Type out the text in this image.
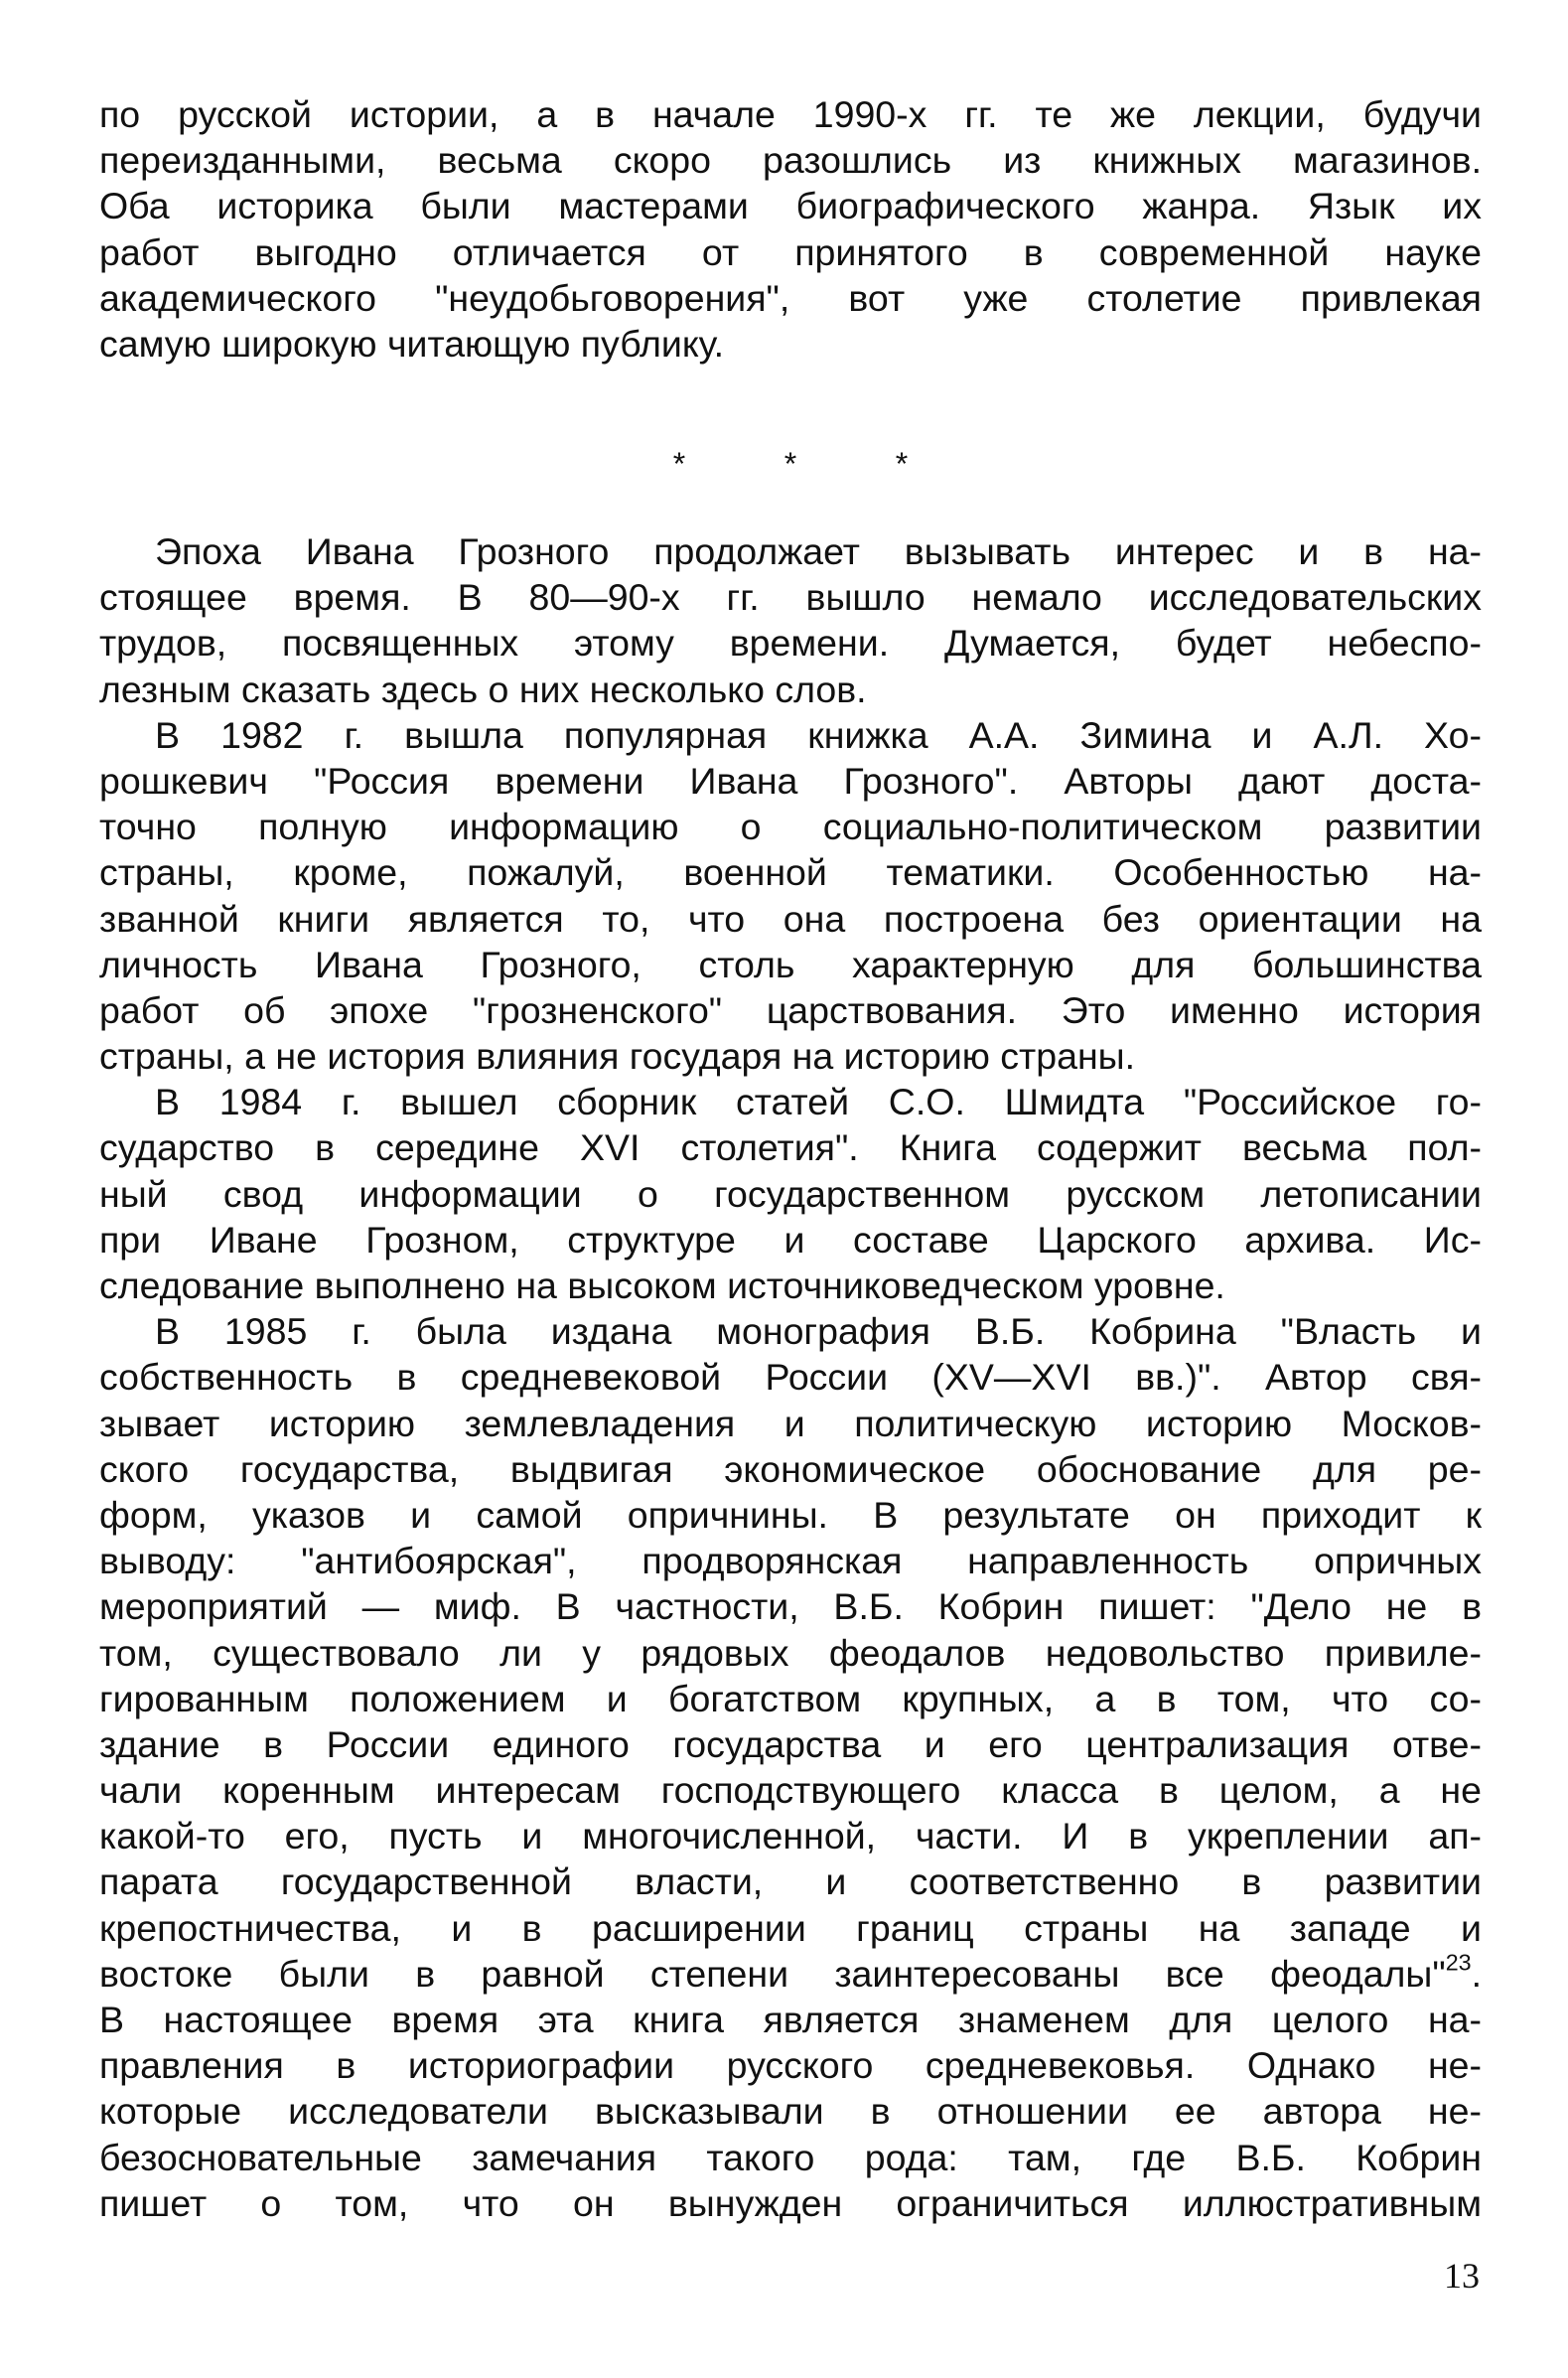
по русской истории, а в начале 1990-х гг. те же лекции, будучи
переизданными, весьма скоро разошлись из книжных магазинов.
Оба историка были мастерами биографического жанра. Язык их
работ выгодно отличается от принятого в современной науке
академического "неудобьговорения", вот уже столетие привлекая
самую широкую читающую публику.
*	*	*
Эпоха Ивана Грозного продолжает вызывать интерес и в на-
стоящее время. В 80—90-х гг. вышло немало исследовательских
трудов, посвященных этому времени. Думается, будет небеспо-
лезным сказать здесь о них несколько слов.
В 1982 г. вышла популярная книжка А.А. Зимина и А.Л. Хо-
рошкевич "Россия времени Ивана Грозного". Авторы дают доста-
точно полную информацию о социально-политическом развитии
страны, кроме, пожалуй, военной тематики. Особенностью на-
званной книги является то, что она построена без ориентации на
личность Ивана Грозного, столь характерную для большинства
работ об эпохе "грозненского" царствования. Это именно история
страны, а не история влияния государя на историю страны.
В 1984 г. вышел сборник статей С.О. Шмидта "Российское го-
сударство в середине XVI столетия". Книга содержит весьма пол-
ный свод информации о государственном русском летописании
при Иване Грозном, структуре и составе Царского архива. Ис-
следование выполнено на высоком источниковедческом уровне.
В 1985 г. была издана монография В.Б. Кобрина "Власть и
собственность в средневековой России (XV—XVI вв.)". Автор свя-
зывает историю землевладения и политическую историю Москов-
ского государства, выдвигая экономическое обоснование для ре-
форм, указов и самой опричнины. В результате он приходит к
выводу: "антибоярская", продворянская направленность опричных
мероприятий — миф. В частности, В.Б. Кобрин пишет: "Дело не в
том, существовало ли у рядовых феодалов недовольство привиле-
гированным положением и богатством крупных, а в том, что со-
здание в России единого государства и его централизация отве-
чали коренным интересам господствующего класса в целом, а не
какой-то его, пусть и многочисленной, части. И в укреплении ап-
парата государственной власти, и соответственно в развитии
крепостничества, и в расширении границ страны на западе и
востоке были в равной степени заинтересованы все феодалы"$^{23}$.
В настоящее время эта книга является знаменем для целого на-
правления в историографии русского средневековья. Однако не-
которые исследователи высказывали в отношении ее автора не-
безосновательные замечания такого рода: там, где В.Б. Кобрин
пишет о том, что он вынужден ограничиться иллюстративным
13
